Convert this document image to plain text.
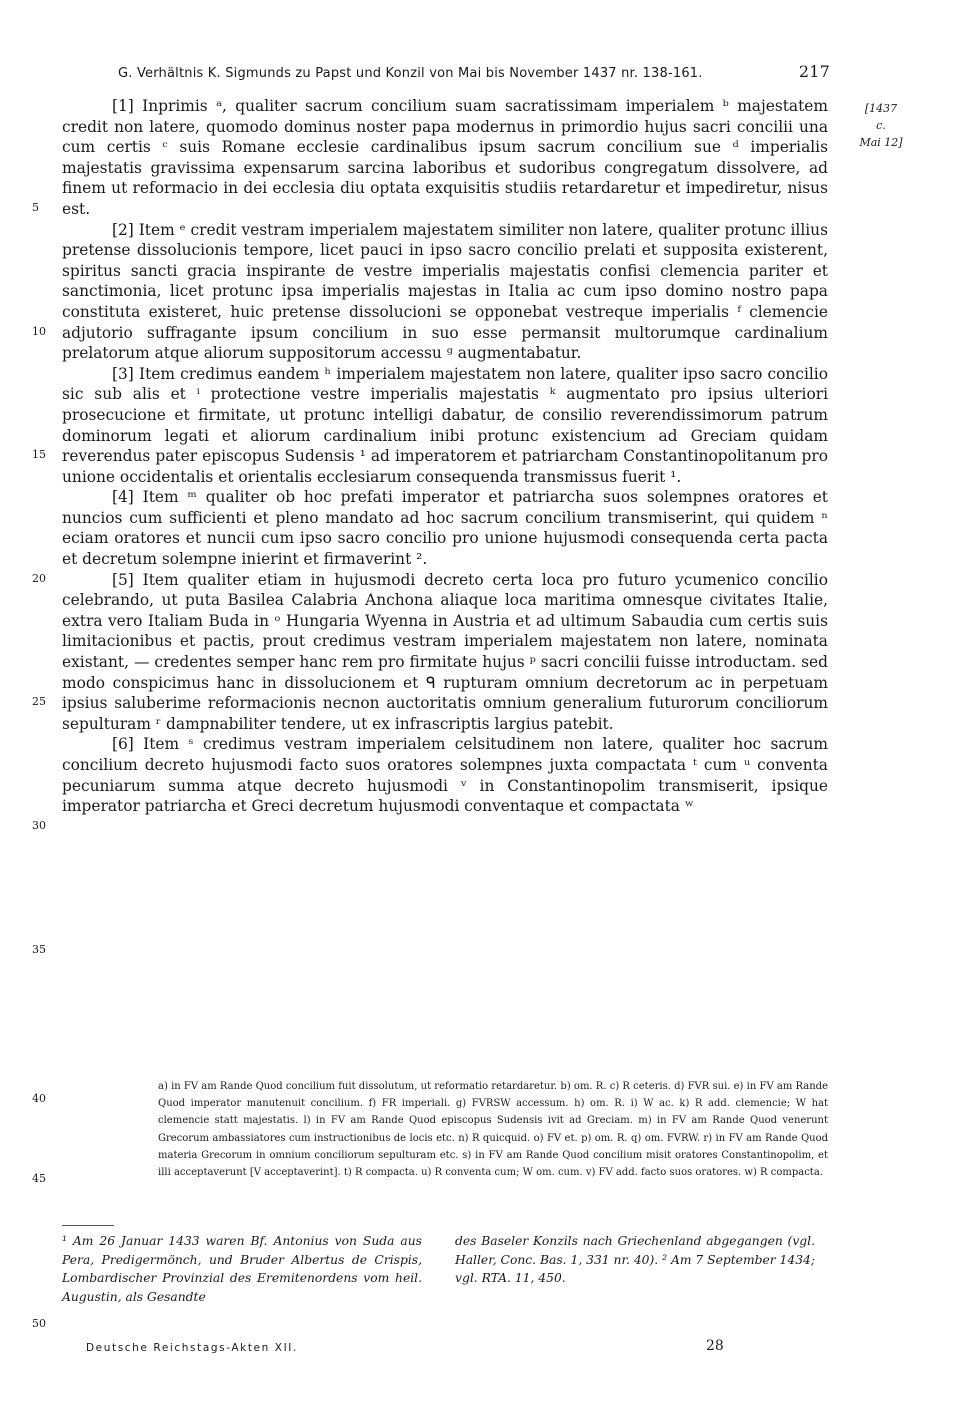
G. Verhältnis K. Sigmunds zu Papst und Konzil von Mai bis November 1437 nr. 138-161.	217
[1437
c.
Mai 12]

[1] Inprimis ᵃ, qualiter sacrum concilium suam sacratissimam imperialem ᵇ majestatem credit non latere, quomodo dominus noster papa modernus in primordio hujus sacri concilii una cum certis ᶜ suis Romane ecclesie cardinalibus ipsum sacrum concilium sue ᵈ imperialis majestatis gravissima expensarum sarcina laboribus et sudoribus congregatum dissolvere, ad finem ut reformacio in dei ecclesia diu optata exquisitis studiis retardaretur et impediretur, nisus est.

[2] Item ᵉ credit vestram imperialem majestatem similiter non latere, qualiter protunc illius pretense dissolucionis tempore, licet pauci in ipso sacro concilio prelati et supposita existerent, spiritus sancti gracia inspirante de vestre imperialis majestatis confisi clemencia pariter et sanctimonia, licet protunc ipsa imperialis majestas in Italia ac cum ipso domino nostro papa constituta existeret, huic pretense dissolucioni se opponebat vestreque imperialis ᶠ clemencie adjutorio suffragante ipsum concilium in suo esse permansit multorumque cardinalium prelatorum atque aliorum suppositorum accessu ᵍ augmentabatur.

[3] Item credimus eandem ʰ imperialem majestatem non latere, qualiter ipso sacro concilio sic sub alis et ⁱ protectione vestre imperialis majestatis ᵏ augmentato pro ipsius ulteriori prosecucione et firmitate, ut protunc intelligi dabatur, de consilio reverendissimorum patrum dominorum legati et aliorum cardinalium inibi protunc existencium ad Greciam quidam reverendus pater episcopus Sudensis ¹ ad imperatorem et patriarcham Constantinopolitanum pro unione occidentalis et orientalis ecclesiarum consequenda transmissus fuerit ¹.

[4] Item ᵐ qualiter ob hoc prefati imperator et patriarcha suos solempnes oratores et nuncios cum sufficienti et pleno mandato ad hoc sacrum concilium transmiserint, qui quidem ⁿ eciam oratores et nuncii cum ipso sacro concilio pro unione hujusmodi consequenda certa pacta et decretum solempne inierint et firmaverint ².

[5] Item qualiter etiam in hujusmodi decreto certa loca pro futuro ycumenico concilio celebrando, ut puta Basilea Calabria Anchona aliaque loca maritima omnesque civitates Italie, extra vero Italiam Buda in ᵒ Hungaria Wyenna in Austria et ad ultimum Sabaudia cum certis suis limitacionibus et pactis, prout credimus vestram imperialem majestatem non latere, nominata existant, — credentes semper hanc rem pro firmitate hujus ᵖ sacri concilii fuisse introductam. sed modo conspicimus hanc in dissolucionem et ᑫ rupturam omnium decretorum ac in perpetuam ipsius saluberime reformacionis necnon auctoritatis omnium generalium futurorum conciliorum sepulturam ʳ dampnabiliter tendere, ut ex infrascriptis largius patebit.

[6] Item ˢ credimus vestram imperialem celsitudinem non latere, qualiter hoc sacrum concilium decreto hujusmodi facto suos oratores solempnes juxta compactata ᵗ cum ᵘ conventa pecuniarum summa atque decreto hujusmodi ᵛ in Constantinopolim transmiserit, ipsique imperator patriarcha et Greci decretum hujusmodi conventaque et compactata ʷ

5
10
15
20
25
30
35

a) in FV am Rande Quod concilium fuit dissolutum, ut reformatio retardaretur. b) om. R. c) R ceteris. d) FVR sui. e) in FV am Rande Quod imperator manutenuit concilium. f) FR imperiali. g) FVRSW accessum. h) om. R. i) W ac. k) R add. clemencie; W hat clemencie statt majestatis. l) in FV am Rande Quod episcopus Sudensis ivit ad Greciam. m) in FV am Rande Quod venerunt Grecorum ambassiatores cum instructionibus de locis etc. n) R quicquid. o) FV et. p) om. R. q) om. FVRW. r) in FV am Rande Quod materia Grecorum in omnium conciliorum sepulturam etc. s) in FV am Rande Quod concilium misit oratores Constantinopolim, et illi acceptaverunt [V acceptaverint]. t) R compacta. u) R conventa cum; W om. cum. v) FV add. facto suos oratores. w) R compacta.

40
45

¹ Am 26 Januar 1433 waren Bf. Antonius von Suda aus Pera, Predigermönch, und Bruder Albertus de Crispis, Lombardischer Provinzial des Eremitenordens vom heil. Augustin, als Gesandte

des Baseler Konzils nach Griechenland abgegangen (vgl. Haller, Conc. Bas. 1, 331 nr. 40). ² Am 7 September 1434; vgl. RTA. 11, 450.

50
Deutsche Reichstags-Akten XII.	28
